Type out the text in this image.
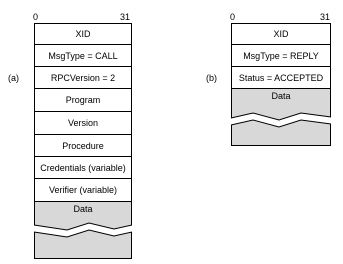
0	31
(a)
XID
MsgType = CALL
RPCVersion = 2
Program
Version
Procedure
Credentials (variable)
Verifier (variable)
Data
0	31
(b)
XID
MsgType = REPLY
Status = ACCEPTED
Data
